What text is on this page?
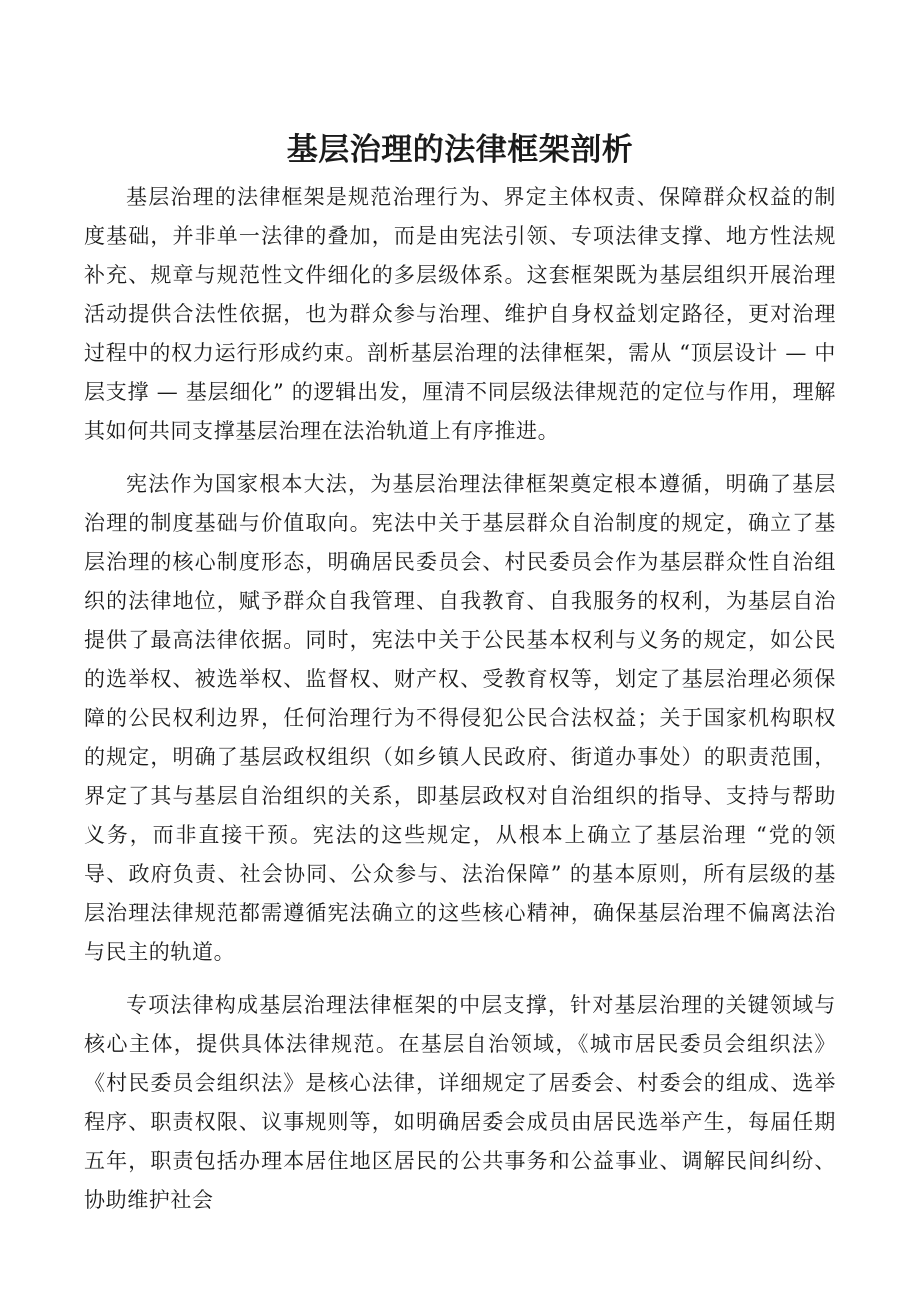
基层治理的法律框架剖析

基层治理的法律框架是规范治理行为、界定主体权责、保障群众权益的制度基础，并非单一法律的叠加，而是由宪法引领、专项法律支撑、地方性法规补充、规章与规范性文件细化的多层级体系。这套框架既为基层组织开展治理活动提供合法性依据，也为群众参与治理、维护自身权益划定路径，更对治理过程中的权力运行形成约束。剖析基层治理的法律框架，需从 “顶层设计 — 中层支撑 — 基层细化” 的逻辑出发，厘清不同层级法律规范的定位与作用，理解其如何共同支撑基层治理在法治轨道上有序推进。

宪法作为国家根本大法，为基层治理法律框架奠定根本遵循，明确了基层治理的制度基础与价值取向。宪法中关于基层群众自治制度的规定，确立了基层治理的核心制度形态，明确居民委员会、村民委员会作为基层群众性自治组织的法律地位，赋予群众自我管理、自我教育、自我服务的权利，为基层自治提供了最高法律依据。同时，宪法中关于公民基本权利与义务的规定，如公民的选举权、被选举权、监督权、财产权、受教育权等，划定了基层治理必须保障的公民权利边界，任何治理行为不得侵犯公民合法权益；关于国家机构职权的规定，明确了基层政权组织（如乡镇人民政府、街道办事处）的职责范围，界定了其与基层自治组织的关系，即基层政权对自治组织的指导、支持与帮助义务，而非直接干预。宪法的这些规定，从根本上确立了基层治理 “党的领导、政府负责、社会协同、公众参与、法治保障” 的基本原则，所有层级的基层治理法律规范都需遵循宪法确立的这些核心精神，确保基层治理不偏离法治与民主的轨道。

专项法律构成基层治理法律框架的中层支撑，针对基层治理的关键领域与核心主体，提供具体法律规范。在基层自治领域，《城市居民委员会组织法》《村民委员会组织法》是核心法律，详细规定了居委会、村委会的组成、选举程序、职责权限、议事规则等，如明确居委会成员由居民选举产生，每届任期五年，职责包括办理本居住地区居民的公共事务和公益事业、调解民间纠纷、协助维护社会
